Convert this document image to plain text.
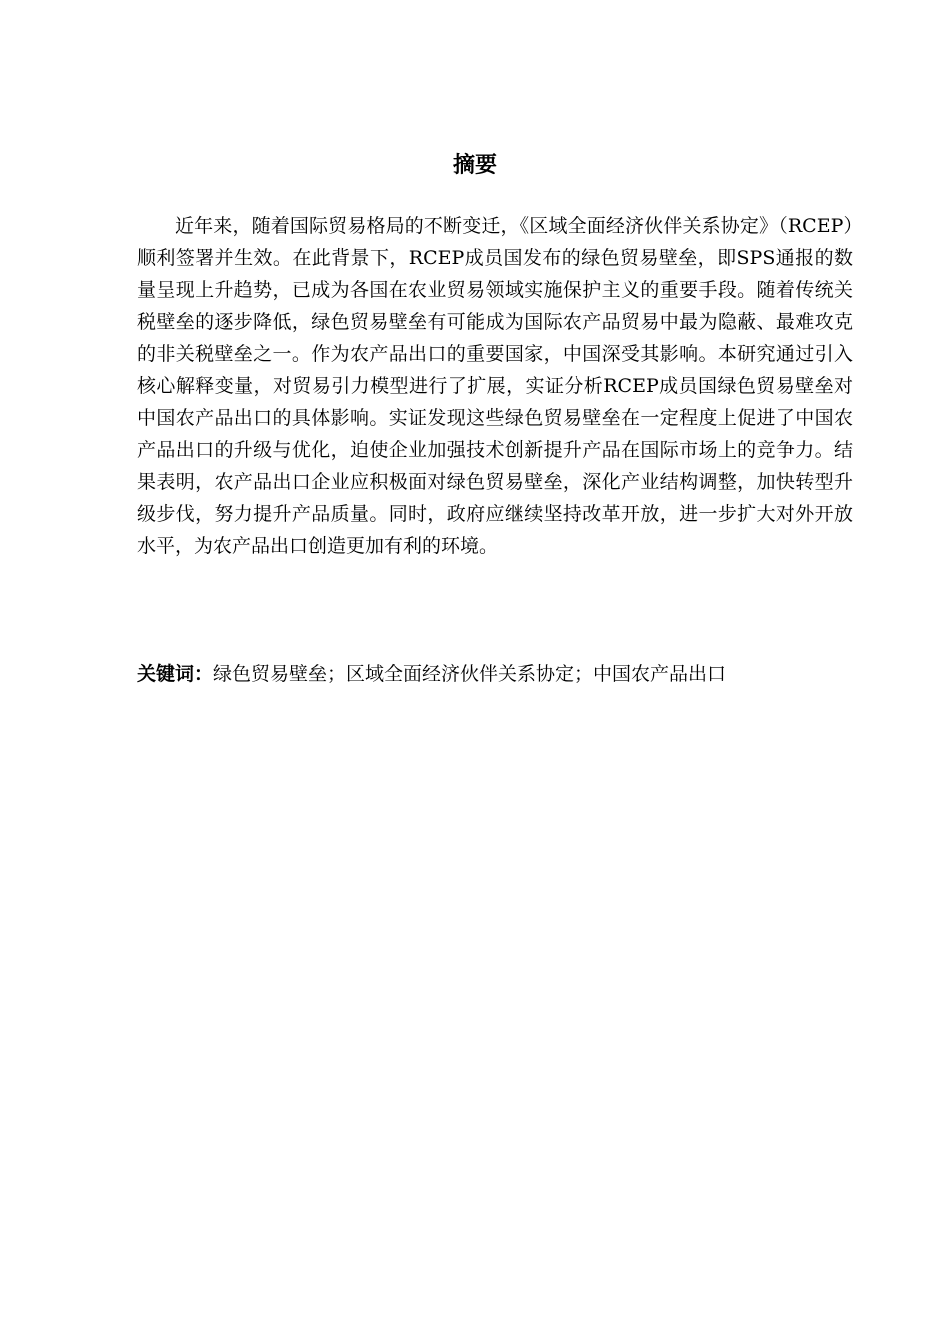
摘要

近年来，随着国际贸易格局的不断变迁，《区域全面经济伙伴关系协定》（RCEP）顺利签署并生效。在此背景下，RCEP成员国发布的绿色贸易壁垒，即SPS通报的数量呈现上升趋势，已成为各国在农业贸易领域实施保护主义的重要手段。随着传统关税壁垒的逐步降低，绿色贸易壁垒有可能成为国际农产品贸易中最为隐蔽、最难攻克的非关税壁垒之一。作为农产品出口的重要国家，中国深受其影响。本研究通过引入核心解释变量，对贸易引力模型进行了扩展，实证分析RCEP成员国绿色贸易壁垒对中国农产品出口的具体影响。实证发现这些绿色贸易壁垒在一定程度上促进了中国农产品出口的升级与优化，迫使企业加强技术创新提升产品在国际市场上的竞争力。结果表明，农产品出口企业应积极面对绿色贸易壁垒，深化产业结构调整，加快转型升级步伐，努力提升产品质量。同时，政府应继续坚持改革开放，进一步扩大对外开放水平，为农产品出口创造更加有利的环境。

关键词：绿色贸易壁垒；区域全面经济伙伴关系协定；中国农产品出口
